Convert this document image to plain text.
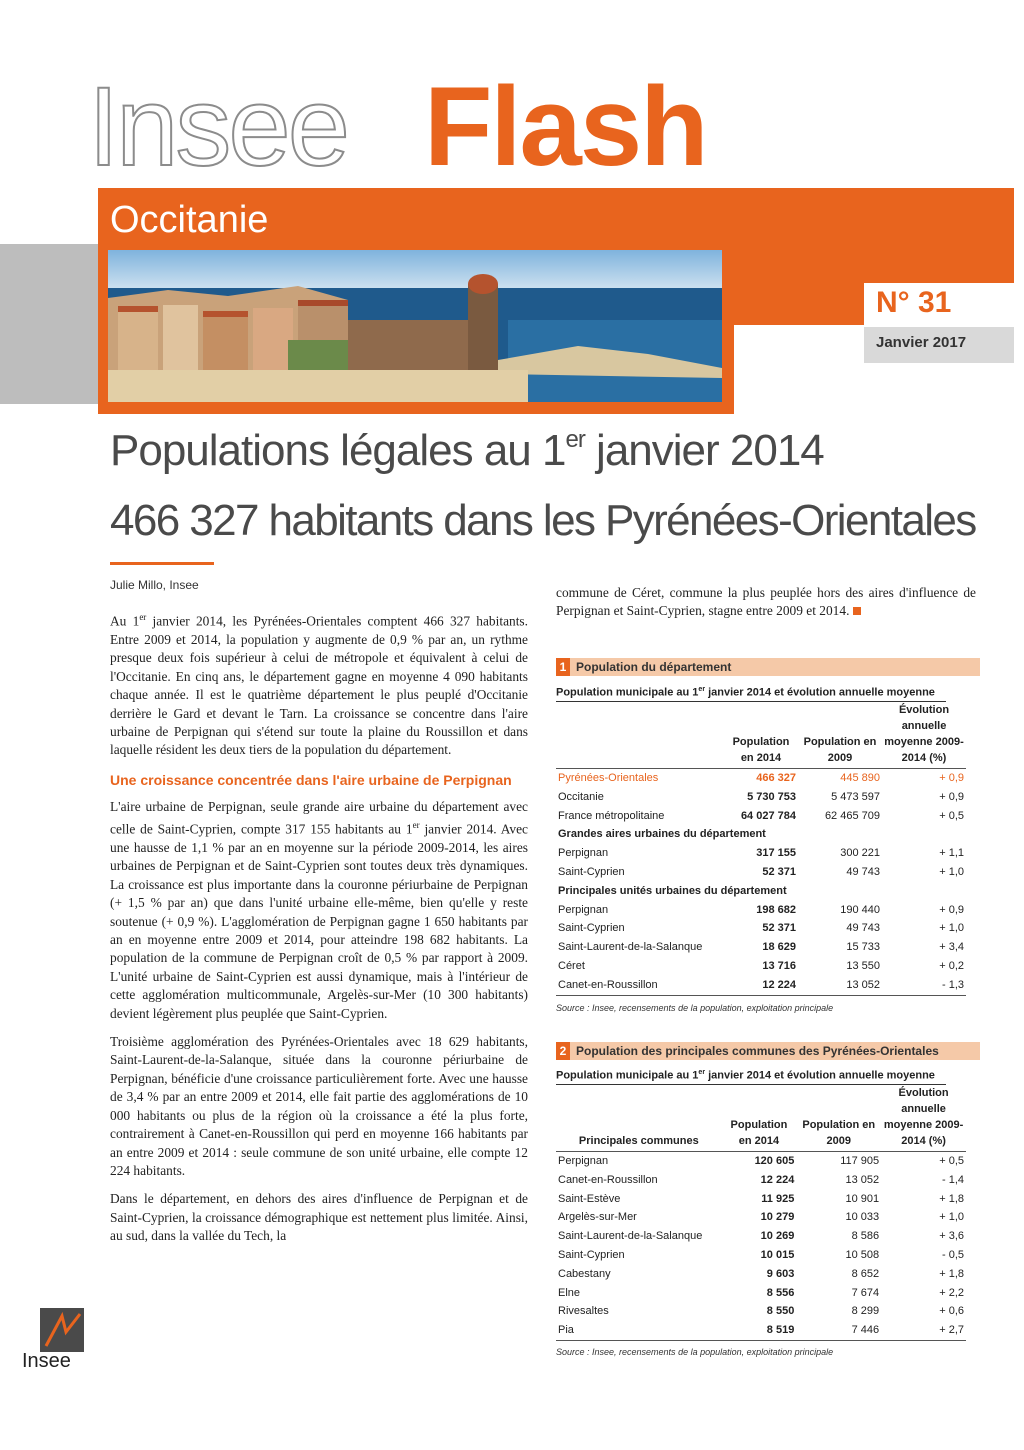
Insee Flash
Occitanie
N° 31
Janvier 2017
Populations légales au 1er janvier 2014
466 327 habitants dans les Pyrénées-Orientales
Julie Millo, Insee

Au 1er janvier 2014, les Pyrénées-Orientales comptent 466 327 habitants. Entre 2009 et 2014, la population y augmente de 0,9 % par an, un rythme presque deux fois supérieur à celui de métropole et équivalent à celui de l'Occitanie. En cinq ans, le département gagne en moyenne 4 090 habitants chaque année. Il est le quatrième département le plus peuplé d'Occitanie derrière le Gard et devant le Tarn. La croissance se concentre dans l'aire urbaine de Perpignan qui s'étend sur toute la plaine du Roussillon et dans laquelle résident les deux tiers de la population du département.

Une croissance concentrée dans l'aire urbaine de Perpignan

L'aire urbaine de Perpignan, seule grande aire urbaine du département avec celle de Saint-Cyprien, compte 317 155 habitants au 1er janvier 2014. Avec une hausse de 1,1 % par an en moyenne sur la période 2009-2014, les aires urbaines de Perpignan et de Saint-Cyprien sont toutes deux très dynamiques. La croissance est plus importante dans la couronne périurbaine de Perpignan (+ 1,5 % par an) que dans l'unité urbaine elle-même, bien qu'elle y reste soutenue (+ 0,9 %). L'agglomération de Perpignan gagne 1 650 habitants par an en moyenne entre 2009 et 2014, pour atteindre 198 682 habitants. La population de la commune de Perpignan croît de 0,5 % par rapport à 2009. L'unité urbaine de Saint-Cyprien est aussi dynamique, mais à l'intérieur de cette agglomération multicommunale, Argelès-sur-Mer (10 300 habitants) devient légèrement plus peuplée que Saint-Cyprien.

Troisième agglomération des Pyrénées-Orientales avec 18 629 habitants, Saint-Laurent-de-la-Salanque, située dans la couronne périurbaine de Perpignan, bénéficie d'une croissance particulièrement forte. Avec une hausse de 3,4 % par an entre 2009 et 2014, elle fait partie des agglomérations de 10 000 habitants ou plus de la région où la croissance a été la plus forte, contrairement à Canet-en-Roussillon qui perd en moyenne 166 habitants par an entre 2009 et 2014 : seule commune de son unité urbaine, elle compte 12 224 habitants.

Dans le département, en dehors des aires d'influence de Perpignan et de Saint-Cyprien, la croissance démographique est nettement plus limitée. Ainsi, au sud, dans la vallée du Tech, la

commune de Céret, commune la plus peuplée hors des aires d'influence de Perpignan et Saint-Cyprien, stagne entre 2009 et 2014.

1 Population du département
Population municipale au 1er janvier 2014 et évolution annuelle moyenne
	Population en 2014	Population en 2009	Évolution annuelle moyenne 2009-2014 (%)
Pyrénées-Orientales	466 327	445 890	+ 0,9
Occitanie	5 730 753	5 473 597	+ 0,9
France métropolitaine	64 027 784	62 465 709	+ 0,5
Grandes aires urbaines du département			
Perpignan	317 155	300 221	+ 1,1
Saint-Cyprien	52 371	49 743	+ 1,0
Principales unités urbaines du département			
Perpignan	198 682	190 440	+ 0,9
Saint-Cyprien	52 371	49 743	+ 1,0
Saint-Laurent-de-la-Salanque	18 629	15 733	+ 3,4
Céret	13 716	13 550	+ 0,2
Canet-en-Roussillon	12 224	13 052	- 1,3
Source : Insee, recensements de la population, exploitation principale
2 Population des principales communes des Pyrénées-Orientales
Population municipale au 1er janvier 2014 et évolution annuelle moyenne
Principales communes	Population en 2014	Population en 2009	Évolution annuelle moyenne 2009-2014 (%)
Perpignan	120 605	117 905	+ 0,5
Canet-en-Roussillon	12 224	13 052	- 1,4
Saint-Estève	11 925	10 901	+ 1,8
Argelès-sur-Mer	10 279	10 033	+ 1,0
Saint-Laurent-de-la-Salanque	10 269	8 586	+ 3,6
Saint-Cyprien	10 015	10 508	- 0,5
Cabestany	9 603	8 652	+ 1,8
Elne	8 556	7 674	+ 2,2
Rivesaltes	8 550	8 299	+ 0,6
Pia	8 519	7 446	+ 2,7
Source : Insee, recensements de la population, exploitation principale
Insee
